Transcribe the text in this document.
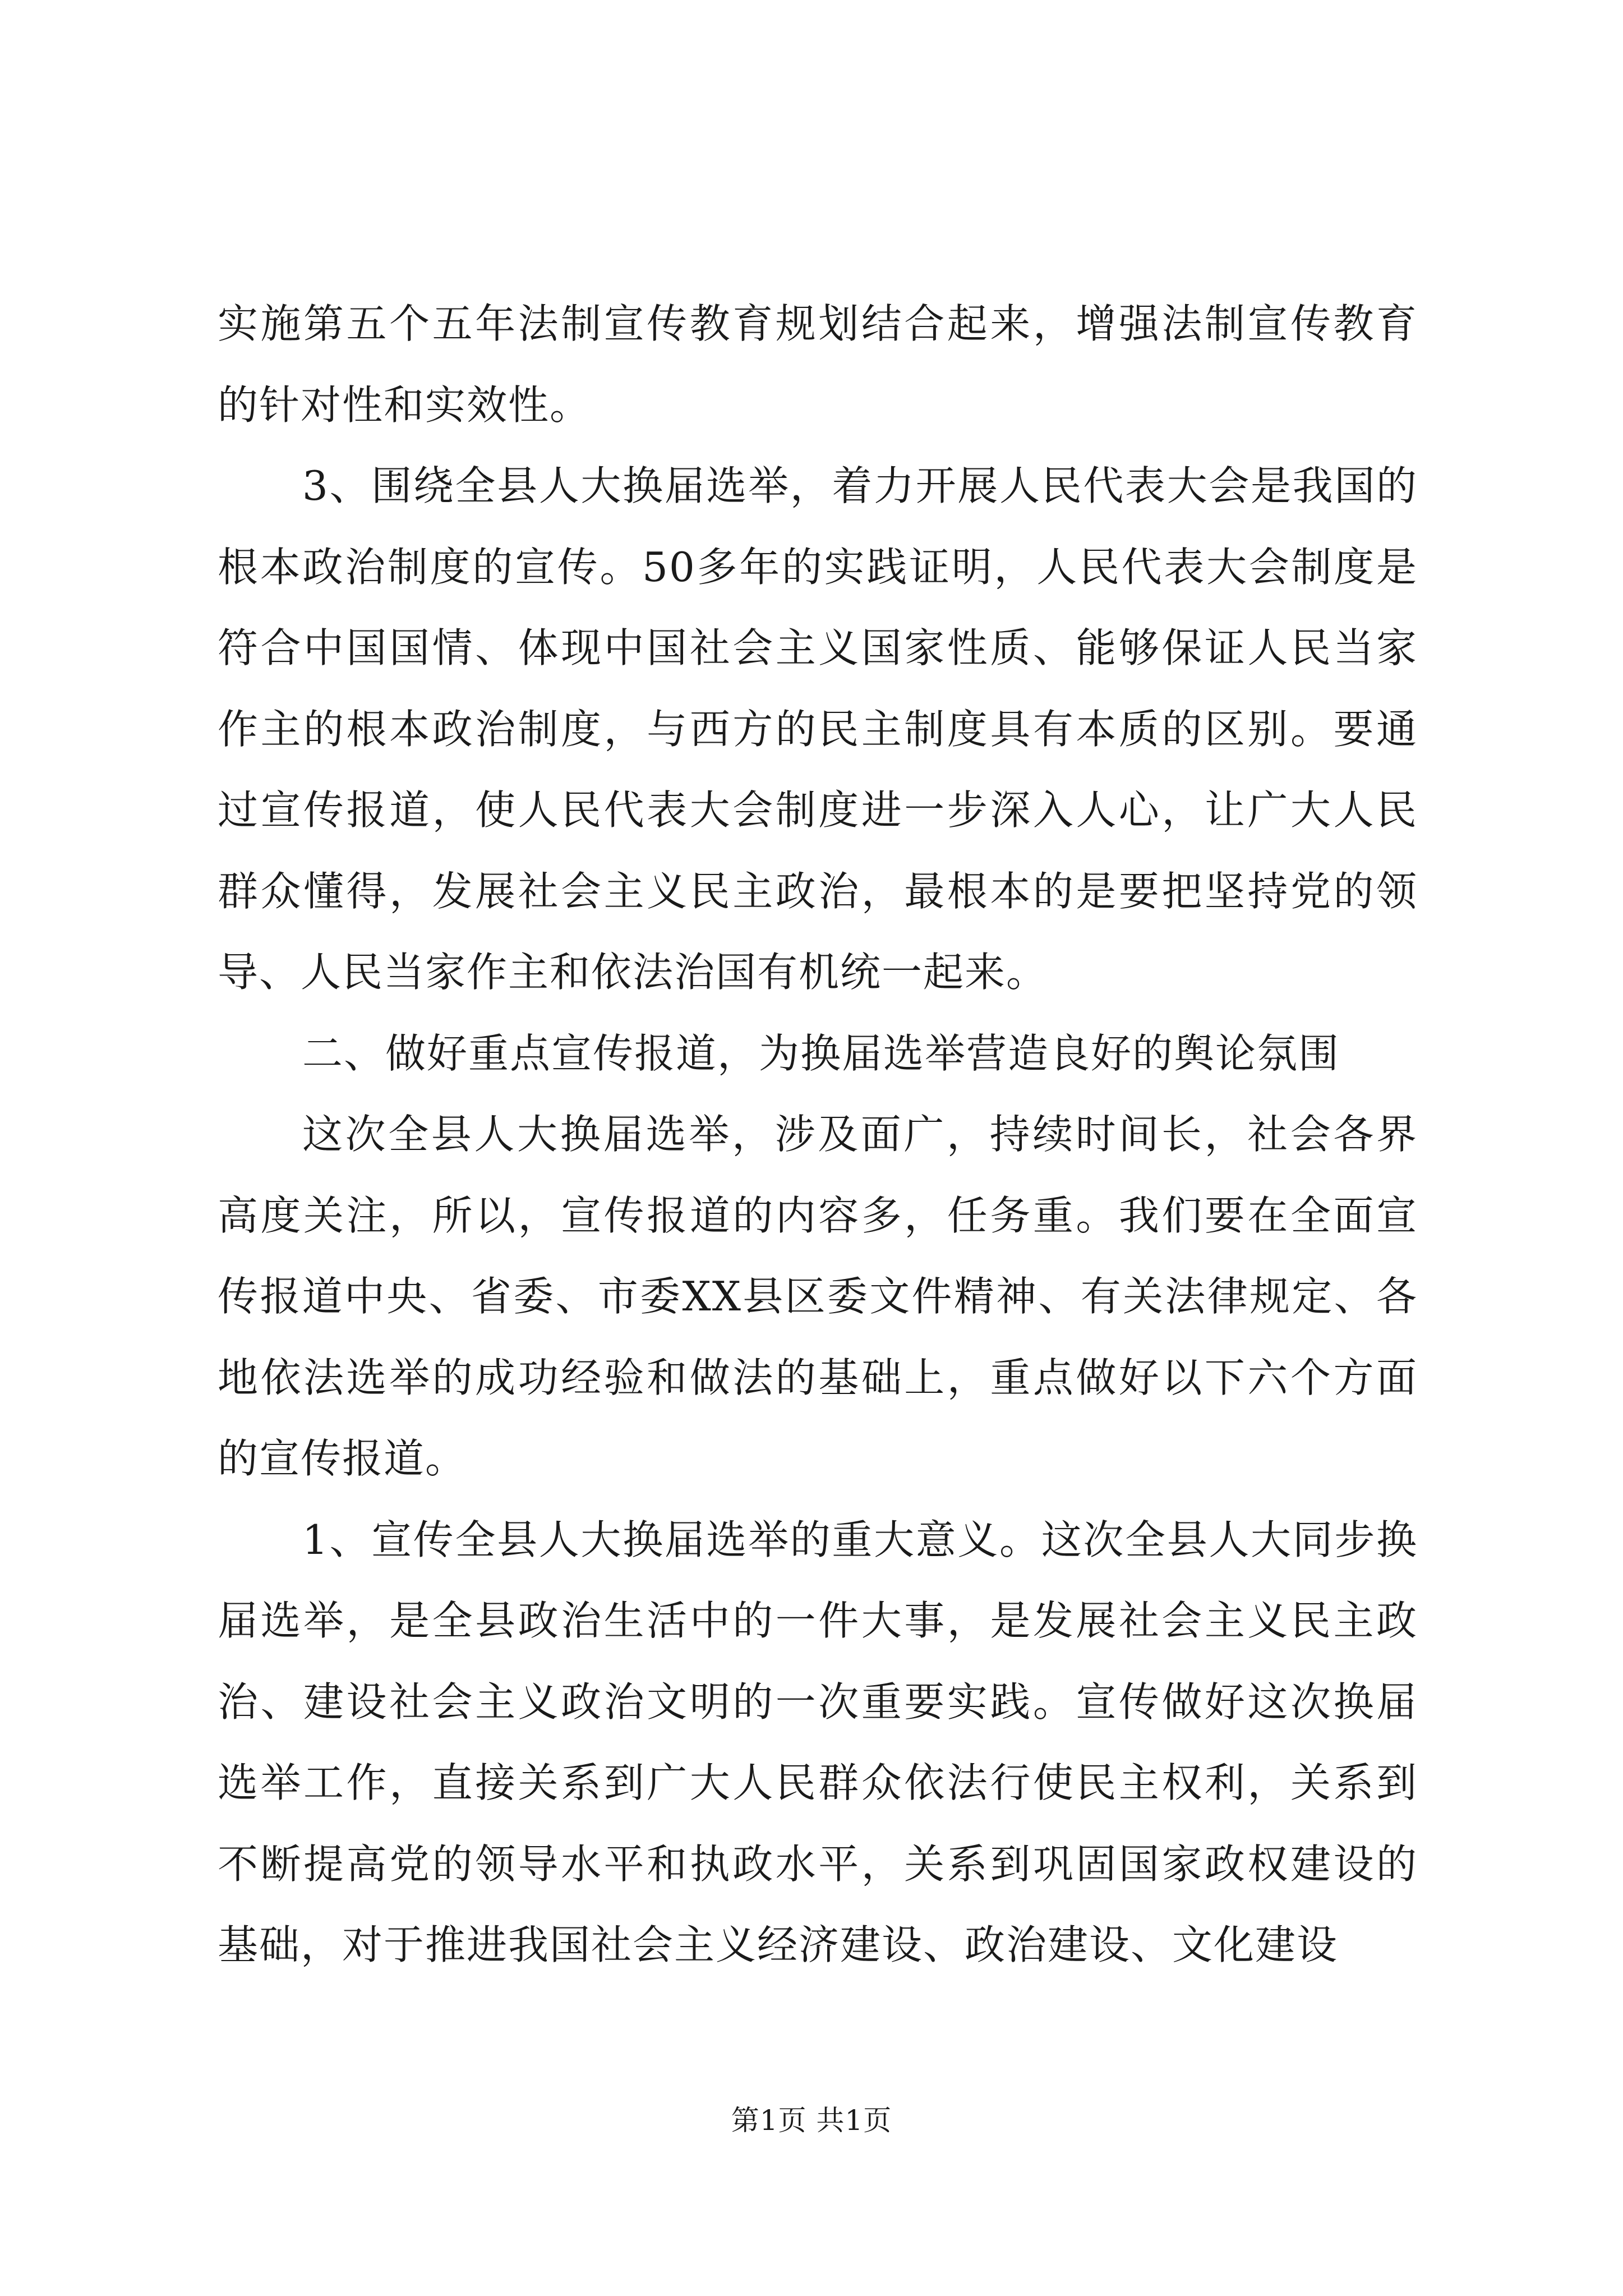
实施第五个五年法制宣传教育规划结合起来，增强法制宣传教育的针对性和实效性。

3、围绕全县人大换届选举，着力开展人民代表大会是我国的根本政治制度的宣传。50多年的实践证明，人民代表大会制度是符合中国国情、体现中国社会主义国家性质、能够保证人民当家作主的根本政治制度，与西方的民主制度具有本质的区别。要通过宣传报道，使人民代表大会制度进一步深入人心，让广大人民群众懂得，发展社会主义民主政治，最根本的是要把坚持党的领导、人民当家作主和依法治国有机统一起来。

二、做好重点宣传报道，为换届选举营造良好的舆论氛围

这次全县人大换届选举，涉及面广，持续时间长，社会各界高度关注，所以，宣传报道的内容多，任务重。我们要在全面宣传报道中央、省委、市委XX县区委文件精神、有关法律规定、各地依法选举的成功经验和做法的基础上，重点做好以下六个方面的宣传报道。

1、宣传全县人大换届选举的重大意义。这次全县人大同步换届选举，是全县政治生活中的一件大事，是发展社会主义民主政治、建设社会主义政治文明的一次重要实践。宣传做好这次换届选举工作，直接关系到广大人民群众依法行使民主权利，关系到不断提高党的领导水平和执政水平，关系到巩固国家政权建设的基础，对于推进我国社会主义经济建设、政治建设、文化建设

第1页 共1页
